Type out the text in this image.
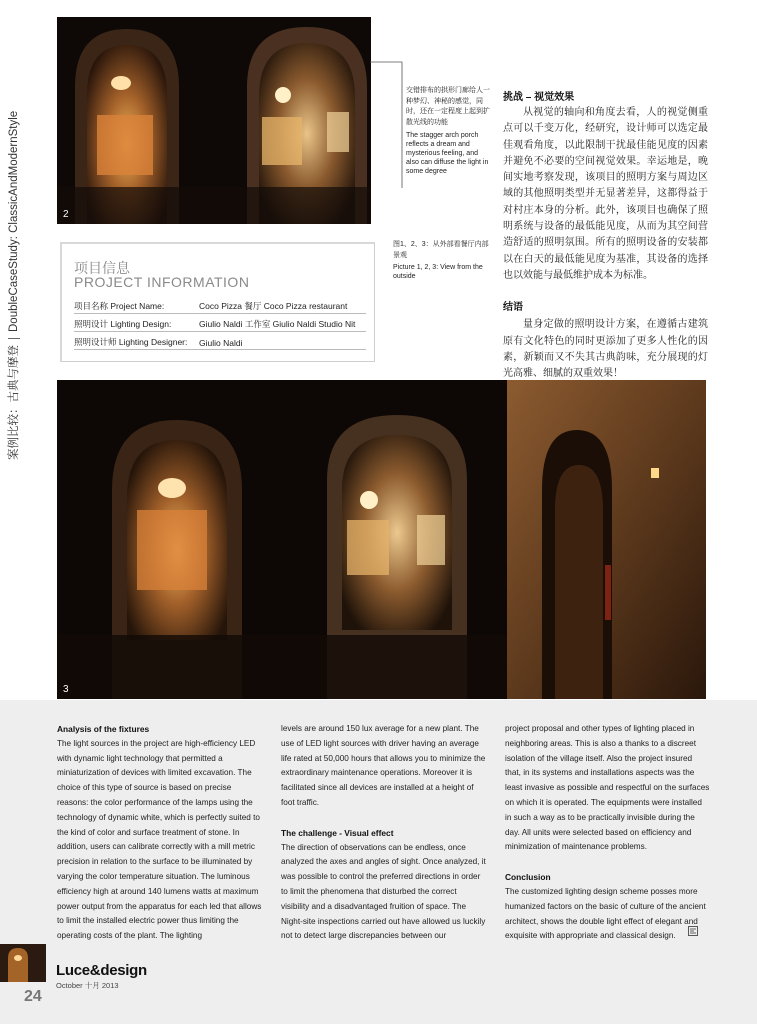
案例比较：古典与摩登DoubleCaseStudy: ClassicAndModernStyle	2
交错排布的拱形门廊给人一种梦幻、神秘的感觉，同时，还在一定程度上起到扩散光线的功能
The stagger arch porch reflects a dream and mysterious feeling, and also can diffuse the light in some degree
图1、2、3：从外部看餐厅内部景观
Picture 1, 2, 3: View from the outside
项目信息
PROJECT INFORMATION
项目名称 Project Name:	Coco Pizza 餐厅 Coco Pizza restaurant
照明设计 Lighting Design:	Giulio Naldi 工作室 Giulio Naldi Studio Nit
照明设计师 Lighting Designer:	Giulio Naldi
挑战 – 视觉效果
从视觉的轴向和角度去看，人的视觉侧重点可以千变万化，经研究，设计师可以选定最佳观看角度，以此限制干扰最佳能见度的因素并避免不必要的空间视觉效果。幸运地是，晚间实地考察发现，该项目的照明方案与周边区域的其他照明类型并无显著差异，这都得益于对村庄本身的分析。此外，该项目也确保了照明系统与设备的最低能见度，从而为其空间营造舒适的照明氛围。所有的照明设备的安装都以在白天的最低能见度为基准，其设备的选择也以效能与最低维护成本为标准。
结语
量身定做的照明设计方案，在遵循古建筑原有文化特色的同时更添加了更多人性化的因素，新颖而又不失其古典韵味，充分展现的灯光高雅、细腻的双重效果！
3
Analysis of the fixtures

The light sources in the project are high-efficiency LED with dynamic light technology that permitted a miniaturization of devices with limited excavation. The choice of this type of source is based on precise reasons: the color performance of the lamps using the technology of dynamic white, which is perfectly suited to the kind of color and surface treatment of stone. In addition, users can calibrate correctly with a mill metric precision in relation to the surface to be illuminated by varying the color temperature situation. The luminous efficiency high at around 140 lumens watts at maximum power output from the apparatus for each led that allows to limit the installed electric power thus limiting the operating costs of the plant. The lighting

levels are around 150 lux average for a new plant. The use of LED light sources with driver having an average life rated at 50,000 hours that allows you to minimize the extraordinary maintenance operations. Moreover it is facilitated since all devices are installed at a height of foot traffic.

The challenge - Visual effect

The direction of observations can be endless, once analyzed the axes and angles of sight. Once analyzed, it was possible to control the preferred directions in order to limit the phenomena that disturbed the correct visibility and a disadvantaged fruition of space. The Night-site inspections carried out have allowed us luckily not to detect large discrepancies between our

project proposal and other types of lighting placed in neighboring areas. This is also a thanks to a discreet isolation of the village itself. Also the project insured that, in its systems and installations aspects was the least invasive as possible and respectful on the surfaces on which it is operated. The equipments were installed in such a way as to be practically invisible during the day. All units were selected based on efficiency and minimization of maintenance problems.

Conclusion

The customized lighting design scheme posses more humanized factors on the basic of culture of the ancient architect, shows the double light effect of elegant and exquisite with appropriate and classical design.

Luce&design
October 十月 2013
24
